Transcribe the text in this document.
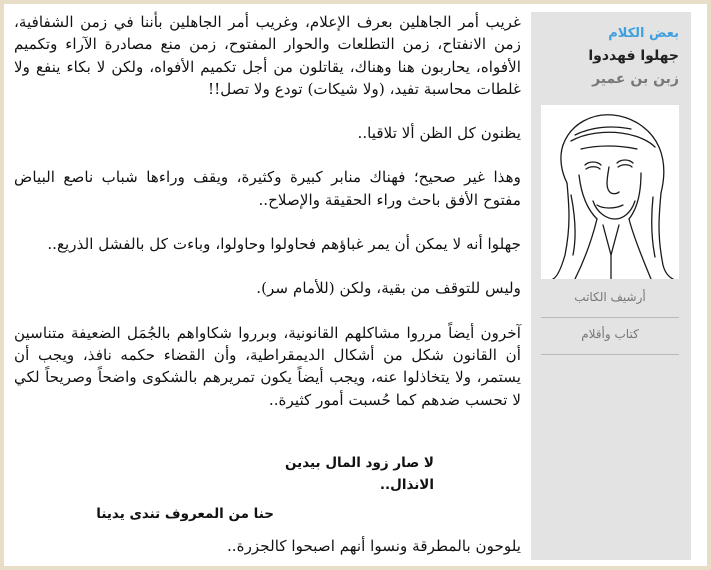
بعض الكلام

جهلوا فهددوا

زبن بن عمير

أرشيف الكاتب
كتاب وأقلام

غريب أمر الجاهلين بعرف الإعلام، وغريب أمر الجاهلين بأننا في زمن الشفافية، زمن الانفتاح، زمن التطلعات والحوار المفتوح، زمن منع مصادرة الآراء وتكميم الأفواه، يحاربون هنا وهناك، يقاتلون من أجل تكميم الأفواه، ولكن لا بكاء ينفع ولا غلطات محاسبة تفيد، (ولا شيكات) تودع ولا تصل!!

يظنون كل الظن ألا تلاقيا..

وهذا غير صحيح؛ فهناك منابر كبيرة وكثيرة، ويقف وراءها شباب ناصع البياض مفتوح الأفق باحث وراء الحقيقة والإصلاح..

جهلوا أنه لا يمكن أن يمر غباؤهم فحاولوا وحاولوا، وباءت كل بالفشل الذريع..

وليس للتوقف من بقية، ولكن (للأمام سر).

آخرون أيضاً مرروا مشاكلهم القانونية، وبرروا شكاواهم بالجُمَل الضعيفة متناسين أن القانون شكل من أشكال الديمقراطية، وأن القضاء حكمه نافذ، ويجب أن يستمر، ولا يتخاذلوا عنه، ويجب أيضاً يكون تمريرهم بالشكوى واضحاً وصريحاً لكي لا تحسب ضدهم كما حُسبت أمور كثيرة..

لا صار زود المال بيدين

الانذال..

حنا من المعروف تندى يدينا

يلوحون بالمطرقة ونسوا أنهم اصبحوا كالجزرة..
